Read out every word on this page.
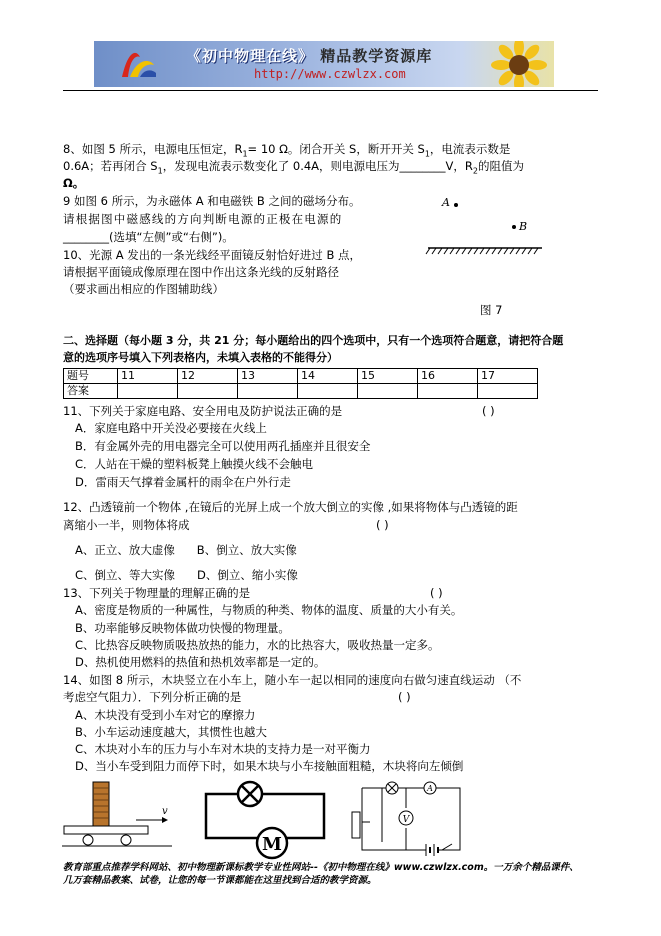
《初中物理在线》 精品教学资源库
http://www.czwlzx.com
8、如图 5 所示，电源电压恒定，$R_1= 10$ Ω。闭合开关 S，断开开关 $S_1$，电流表示数是
0.6A；若再闭合 $S_1$，发现电流表示数变化了 0.4A，则电源电压为________V，$R_2$的阻值为
Ω。
9 如图 6 所示，为永磁体 A 和电磁铁 B 之间的磁场分布。
请根据图中磁感线的方向判断电源的正极在电源的
________(选填“左侧”或“右侧”)。
10、光源 A 发出的一条光线经平面镜反射恰好进过 B 点，
请根据平面镜成像原理在图中作出这条光线的反射路径
（要求画出相应的作图辅助线）
A
B
图 7
二、选择题（每小题 3 分，共 21 分；每小题给出的四个选项中，只有一个选项符合题意，请把符合题
意的选项序号填入下列表格内，未填入表格的不能得分）
题号	11	12	13	14	15	16	17
答案							
11、下列关于家庭电路、安全用电及防护说法正确的是	( )
A．家庭电路中开关没必要接在火线上
B．有金属外壳的用电器完全可以使用两孔插座并且很安全
C．人站在干燥的塑料板凳上触摸火线不会触电
D．雷雨天气撑着金属杆的雨伞在户外行走
12、凸透镜前一个物体 ,在镜后的光屏上成一个放大倒立的实像 ,如果将物体与凸透镜的距
离缩小一半，则物体将成	( )
A、正立、放大虚像      B、倒立、放大实像
C、倒立、等大实像      D、倒立、缩小实像
13、下列关于物理量的理解正确的是	( )
A、密度是物质的一种属性，与物质的种类、物体的温度、质量的大小有关。
B、功率能够反映物体做功快慢的物理量。
C、比热容反映物质吸热放热的能力，水的比热容大，吸收热量一定多。
D、热机使用燃料的热值和热机效率都是一定的。
14、如图 8 所示，木块竖立在小车上，随小车一起以相同的速度向右做匀速直线运动 （不
考虑空气阻力）．下列分析正确的是	( )
A、木块没有受到小车对它的摩擦力
B、小车运动速度越大，其惯性也越大
C、木块对小车的压力与小车对木块的支持力是一对平衡力
D、当小车受到阻力而停下时，如果木块与小车接触面粗糙，木块将向左倾倒
v
M
V
A
教育部重点推荐学科网站、初中物理新课标教学专业性网站--《初中物理在线》www.czwlzx.com。一万余个精品课件、
几万套精品教案、试卷，让您的每一节课都能在这里找到合适的教学资源。
